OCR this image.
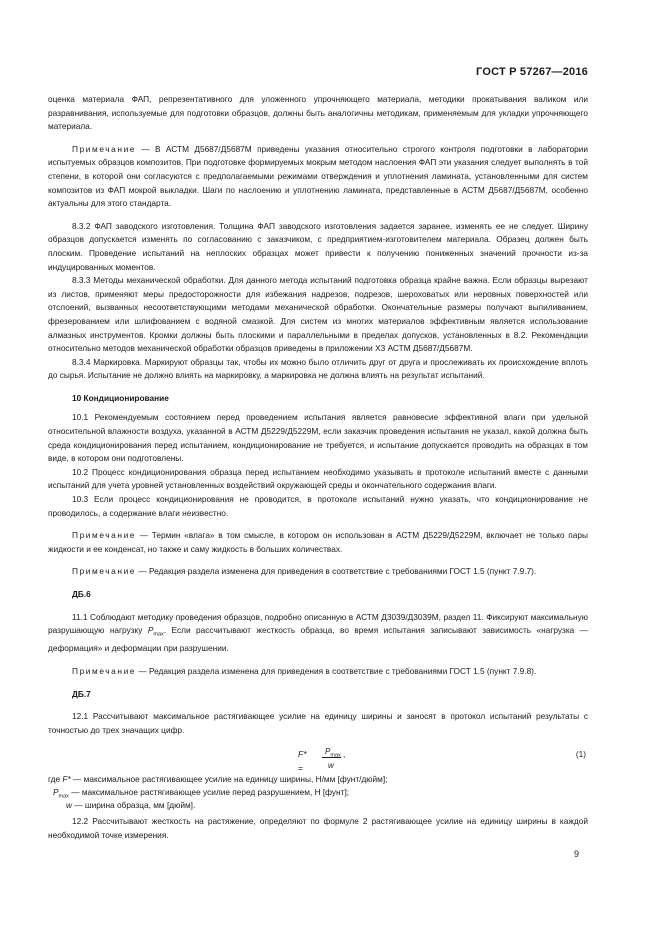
ГОСТ Р 57267—2016

оценка материала ФАП, репрезентативного для уложенного упрочняющего материала, методики прокатывания валиком или разравнивания, используемые для подготовки образцов, должны быть аналогичны методикам, применяемым для укладки упрочняющего материала.

Примечание — В АСТМ Д5687/Д5687М приведены указания относительно строгого контроля подготовки в лаборатории испытуемых образцов композитов. При подготовке формируемых мокрым методом наслоения ФАП эти указания следует выполнять в той степени, в которой они согласуются с предполагаемыми режимами отверждения и уплотнения ламината, установленными для систем композитов из ФАП мокрой выкладки. Шаги по наслоению и уплотнению ламината, представленные в АСТМ Д5687/Д5687М, особенно актуальны для этого стандарта.

8.3.2 ФАП заводского изготовления. Толщина ФАП заводского изготовления задается заранее, изменять ее не следует. Ширину образцов допускается изменять по согласованию с заказчиком, с предприятием-изготовителем материала. Образец должен быть плоским. Проведение испытаний на неплоских образцах может привести к получению пониженных значений прочности из-за индуцированных моментов.

8.3.3 Методы механической обработки. Для данного метода испытаний подготовка образца крайне важна. Если образцы вырезают из листов, применяют меры предосторожности для избежания надрезов, подрезов, шероховатых или неровных поверхностей или отслоений, вызванных несоответствующими методами механической обработки. Окончательные размеры получают выпиливанием, фрезерованием или шлифованием с водяной смазкой. Для систем из многих материалов эффективным является использование алмазных инструментов. Кромки должны быть плоскими и параллельными в пределах допусков, установленных в 8.2. Рекомендации относительно методов механической обработки образцов приведены в приложении Х3 АСТМ Д5687/Д5687М.

8.3.4 Маркировка. Маркируют образцы так, чтобы их можно было отличить друг от друга и прослеживать их происхождение вплоть до сырья. Испытание не должно влиять на маркировку, а маркировка не должна влиять на результат испытаний.

10 Кондиционирование

10.1 Рекомендуемым состоянием перед проведением испытания является равновесие эффективной влаги при удельной относительной влажности воздуха, указанной в АСТМ Д5229/Д5229М, если заказчик проведения испытания не указал, какой должна быть среда кондиционирования перед испытанием, кондиционирование не требуется, и испытание допускается проводить на образцах в том виде, в котором они подготовлены.

10.2 Процесс кондиционирования образца перед испытанием необходимо указывать в протоколе испытаний вместе с данными испытаний для учета уровней установленных воздействий окружающей среды и окончательного содержания влаги.

10.3 Если процесс кондиционирования не проводится, в протоколе испытаний нужно указать, что кондиционирование не проводилось, а содержание влаги неизвестно.

Примечание — Термин «влага» в том смысле, в котором он использован в АСТМ Д5229/Д5229М, включает не только пары жидкости и ее конденсат, но также и саму жидкость в больших количествах.

Примечание — Редакция раздела изменена для приведения в соответствие с требованиями ГОСТ 1.5 (пункт 7.9.7).

ДБ.6

11.1 Соблюдают методику проведения образцов, подробно описанную в АСТМ Д3039/Д3039М, раздел 11. Фиксируют максимальную разрушающую нагрузку $P_{max}$. Если рассчитывают жесткость образца, во время испытания записывают зависимость «нагрузка — деформация» и деформации при разрушении.

Примечание — Редакция раздела изменена для приведения в соответствие с требованиями ГОСТ 1.5 (пункт 7.9.8).

ДБ.7

12.1 Рассчитывают максимальное растягивающее усилие на единицу ширины и заносят в протокол испытаний результаты с точностью до трех значащих цифр.

F* =
$P_{max}$
w
,	(1)
где F* — максимальное растягивающее усилие на единицу ширины, Н/мм [фунт/дюйм];
$P_{max}$ — максимальное растягивающее усилие перед разрушением, Н [фунт];
w — ширина образца, мм [дюйм].

12.2 Рассчитывают жесткость на растяжение, определяют по формуле 2 растягивающее усилие на единицу ширины в каждой необходимой точке измерения.

9
